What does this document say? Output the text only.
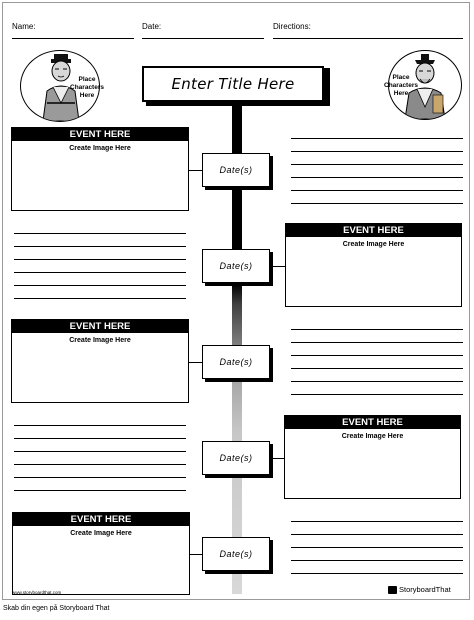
Name:	Date:	Directions:
Place
Characters
Here
Place
Characters
Here
Enter Title Here
Date(s)
Date(s)
Date(s)
Date(s)
Date(s)
EVENT HERE
Create Image Here
EVENT HERE
Create Image Here
EVENT HERE
Create Image Here
EVENT HERE
Create Image Here
EVENT HERE
Create Image Here
www.storyboardthat.com	StoryboardThat
Skab din egen på Storyboard That
